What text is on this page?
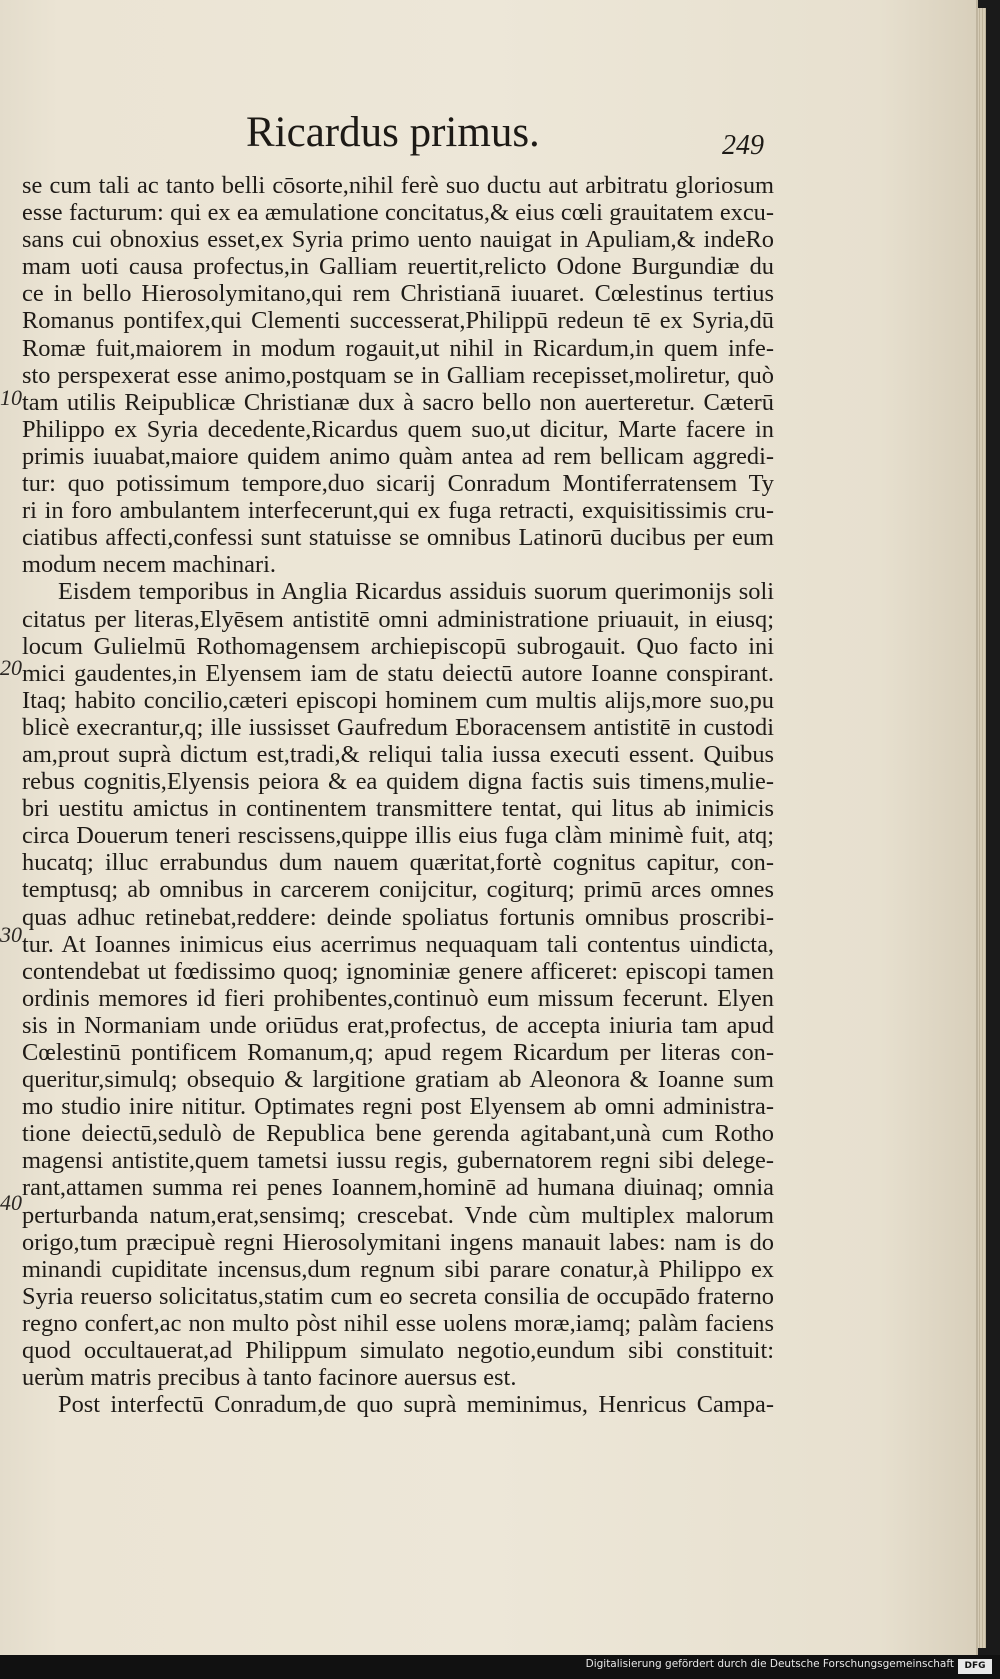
Ricardus primus.	249
10
20
30
40
se cum tali ac tanto belli cōsorte,nihil ferè suo ductu aut arbitratu gloriosum
esse facturum: qui ex ea æmulatione concitatus,& eius cœli grauitatem excu-
sans cui obnoxius esset,ex Syria primo uento nauigat in Apuliam,& indeRo
mam uoti causa profectus,in Galliam reuertit,relicto Odone Burgundiæ du
ce in bello Hierosolymitano,qui rem Christianā iuuaret. Cœlestinus tertius
Romanus pontifex,qui Clementi successerat,Philippū redeun tē ex Syria,dū
Romæ fuit,maiorem in modum rogauit,ut nihil in Ricardum,in quem infe-
sto perspexerat esse animo,postquam se in Galliam recepisset,moliretur, quò
tam utilis Reipublicæ Christianæ dux à sacro bello non auerteretur. Cæterū
Philippo ex Syria decedente,Ricardus quem suo,ut dicitur, Marte facere in
primis iuuabat,maiore quidem animo quàm antea ad rem bellicam aggredi-
tur: quo potissimum tempore,duo sicarij Conradum Montiferratensem Ty
ri in foro ambulantem interfecerunt,qui ex fuga retracti, exquisitissimis cru-
ciatibus affecti,confessi sunt statuisse se omnibus Latinorū ducibus per eum
modum necem machinari.
Eisdem temporibus in Anglia Ricardus assiduis suorum querimonijs soli
citatus per literas,Elyēsem antistitē omni administratione priuauit, in eiusq;
locum Gulielmū Rothomagensem archiepiscopū subrogauit. Quo facto ini
mici gaudentes,in Elyensem iam de statu deiectū autore Ioanne conspirant.
Itaq; habito concilio,cæteri episcopi hominem cum multis alijs,more suo,pu
blicè execrantur,q; ille iussisset Gaufredum Eboracensem antistitē in custodi
am,prout suprà dictum est,tradi,& reliqui talia iussa executi essent. Quibus
rebus cognitis,Elyensis peiora & ea quidem digna factis suis timens,mulie-
bri uestitu amictus in continentem transmittere tentat, qui litus ab inimicis
circa Douerum teneri rescissens,quippe illis eius fuga clàm minimè fuit, atq;
hucatq; illuc errabundus dum nauem quæritat,fortè cognitus capitur, con-
temptusq; ab omnibus in carcerem conijcitur, cogiturq; primū arces omnes
quas adhuc retinebat,reddere: deinde spoliatus fortunis omnibus proscribi-
tur. At Ioannes inimicus eius acerrimus nequaquam tali contentus uindicta,
contendebat ut fœdissimo quoq; ignominiæ genere afficeret: episcopi tamen
ordinis memores id fieri prohibentes,continuò eum missum fecerunt. Elyen
sis in Normaniam unde oriūdus erat,profectus, de accepta iniuria tam apud
Cœlestinū pontificem Romanum,q; apud regem Ricardum per literas con-
queritur,simulq; obsequio & largitione gratiam ab Aleonora & Ioanne sum
mo studio inire nititur. Optimates regni post Elyensem ab omni administra-
tione deiectū,sedulò de Republica bene gerenda agitabant,unà cum Rotho
magensi antistite,quem tametsi iussu regis, gubernatorem regni sibi delege-
rant,attamen summa rei penes Ioannem,hominē ad humana diuinaq; omnia
perturbanda natum,erat,sensimq; crescebat. Vnde cùm multiplex malorum
origo,tum præcipuè regni Hierosolymitani ingens manauit labes: nam is do
minandi cupiditate incensus,dum regnum sibi parare conatur,à Philippo ex
Syria reuerso solicitatus,statim cum eo secreta consilia de occupādo fraterno
regno confert,ac non multo pòst nihil esse uolens moræ,iamq; palàm faciens
quod occultauerat,ad Philippum simulato negotio,eundum sibi constituit:
uerùm matris precibus à tanto facinore auersus est.
Post interfectū Conradum,de quo suprà meminimus, Henricus Campa-
Digitalisierung gefördert durch die Deutsche Forschungsgemeinschaft	DFG
